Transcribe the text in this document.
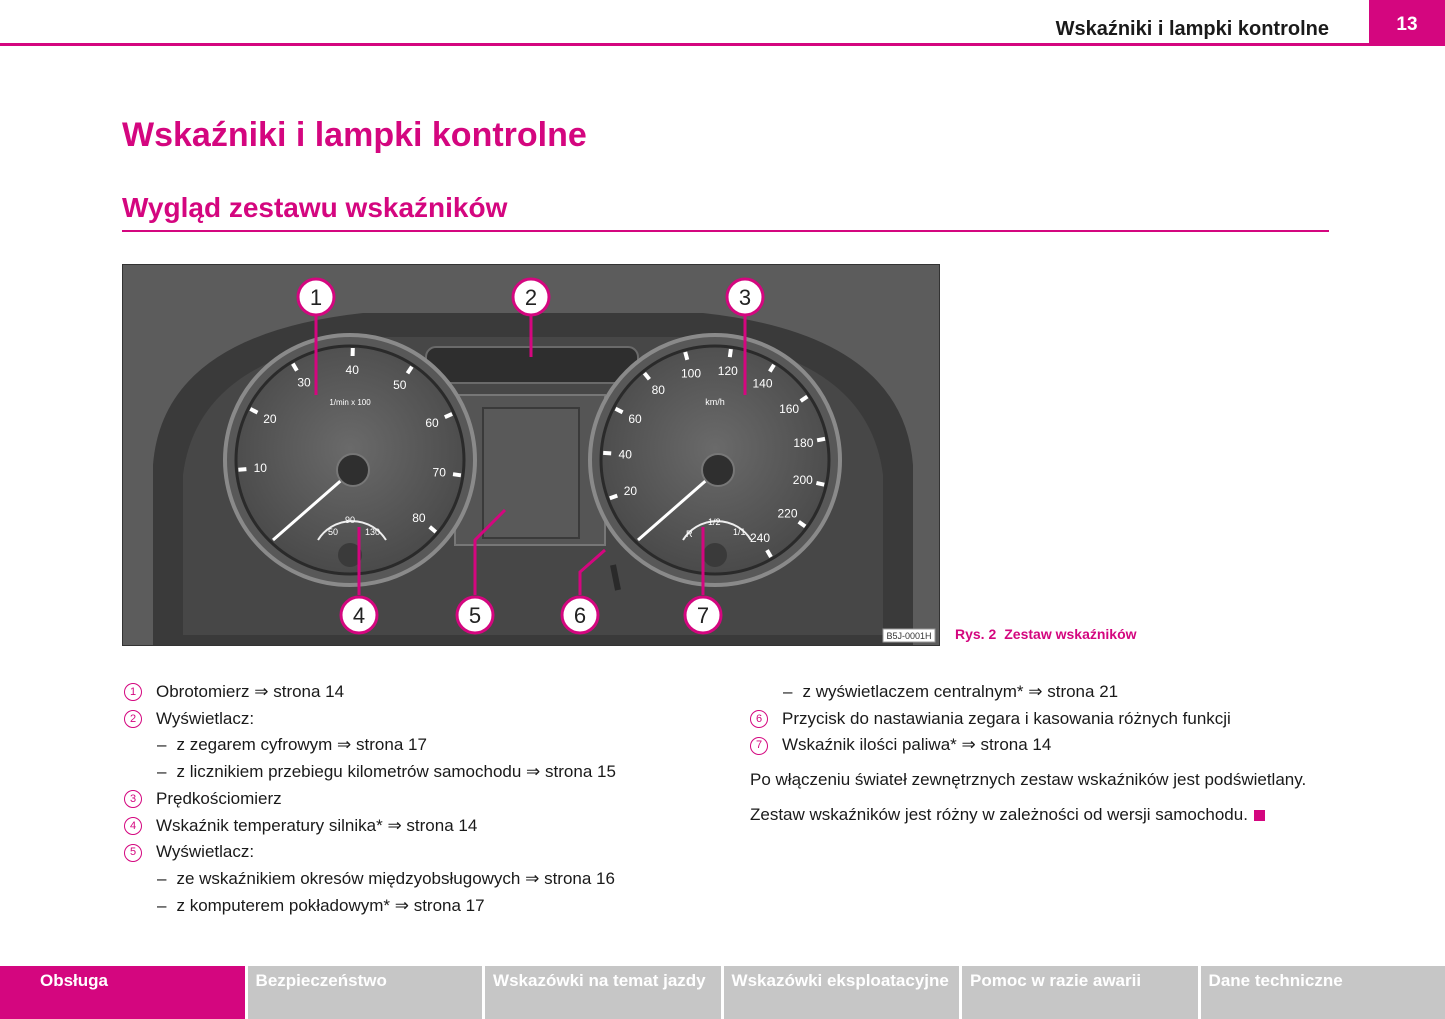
Wskaźniki i lampki kontrolne	13
Wskaźniki i lampki kontrolne
Wygląd zestawu wskaźników
10
20
30
40
50
60
70
80
20
40
60
80
100 120
140
160
180
200
220
240
1/min x 100	km/h
50
90
130	R
1/2
1/1
1	2	3
4	5	6	7
B5J-0001H Rys. 2 Zestaw wskaźników
1	Obrotomierz ⇒ strona 14
2	Wyświetlacz:
– z zegarem cyfrowym ⇒ strona 17
– z licznikiem przebiegu kilometrów samochodu ⇒ strona 15
3	Prędkościomierz
4	Wskaźnik temperatury silnika* ⇒ strona 14
5	Wyświetlacz:
– ze wskaźnikiem okresów międzyobsługowych ⇒ strona 16
– z komputerem pokładowym* ⇒ strona 17
– z wyświetlaczem centralnym* ⇒ strona 21
6	Przycisk do nastawiania zegara i kasowania różnych funkcji
7	Wskaźnik ilości paliwa* ⇒ strona 14
Po włączeniu świateł zewnętrznych zestaw wskaźników jest podświetlany.
Zestaw wskaźników jest różny w zależności od wersji samochodu.
Obsługa	Bezpieczeństwo	Wskazówki na temat jazdy	Wskazówki eksploatacyjne	Pomoc w razie awarii	Dane techniczne
